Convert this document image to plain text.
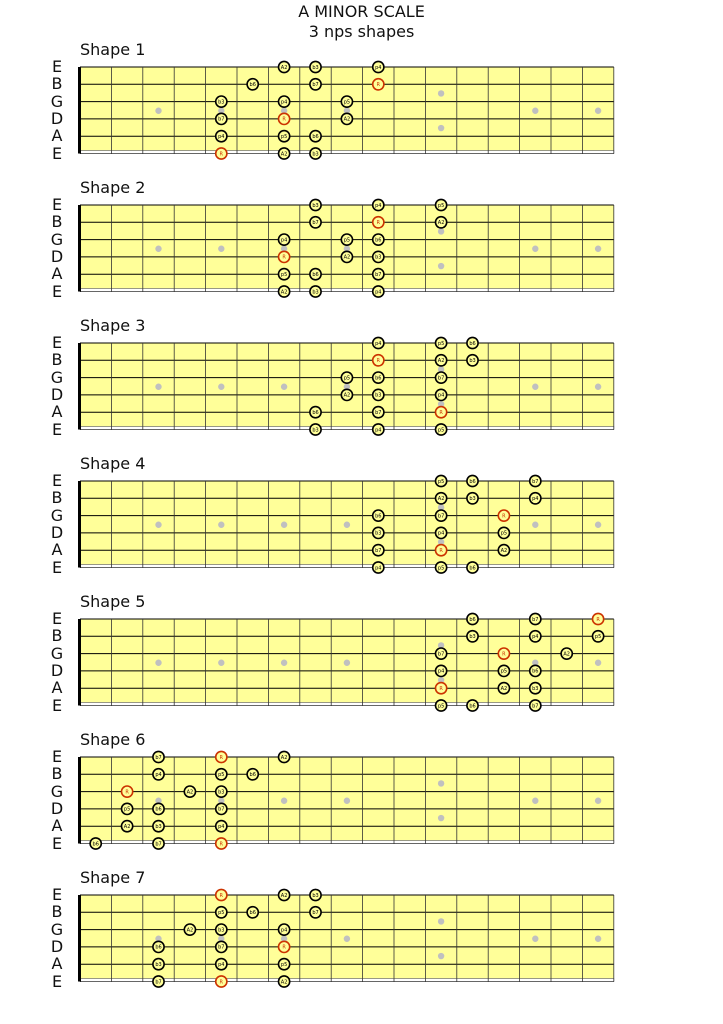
A MINOR SCALE
3 nps shapes
Shape 1
E
B
G
D
A
E
Shape 2
E
B
G
D
A
E
Shape 3
E
B
G
D
A
E
Shape 4
E
B
G
D
A
E
Shape 5
E
B
G
D
A
E
Shape 6
E
B
G
D
A
E
Shape 7
E
B
G
D
A
E
A2	b3	p4
b6	b7	R
b3	p4	p5
b7	R	A2
p4	p5	b6
R	A2	b3
b3	p4	p5
b7	R	A2
p4	p5	b6
R	A2	b3
p5	b6	b7
A2	b3	p4
p4	p5	b6
R	A2	b3
p5	b6	b7
A2	b3	p4
b6	b7	R
b3	p4	p5
p5	b6	b7
A2	b3	p4
b6	b7	R
b3	p4	p5
b7	R	A2
p4	p5	b6
b6	b7	R
b3	p4	p5
b7	R	A2
p4	p5	b6
R	A2	b3
p5	b6	b7
b7	R	A2
p4	p5	b6
R	A2	b3
p5	b6	b7
A2	b3	p4
b6	b7	R
R	A2	b3
p5	b6	b7
A2	b3	p4
b6	b7	R
b3	p4	p5
b7	R	A2
